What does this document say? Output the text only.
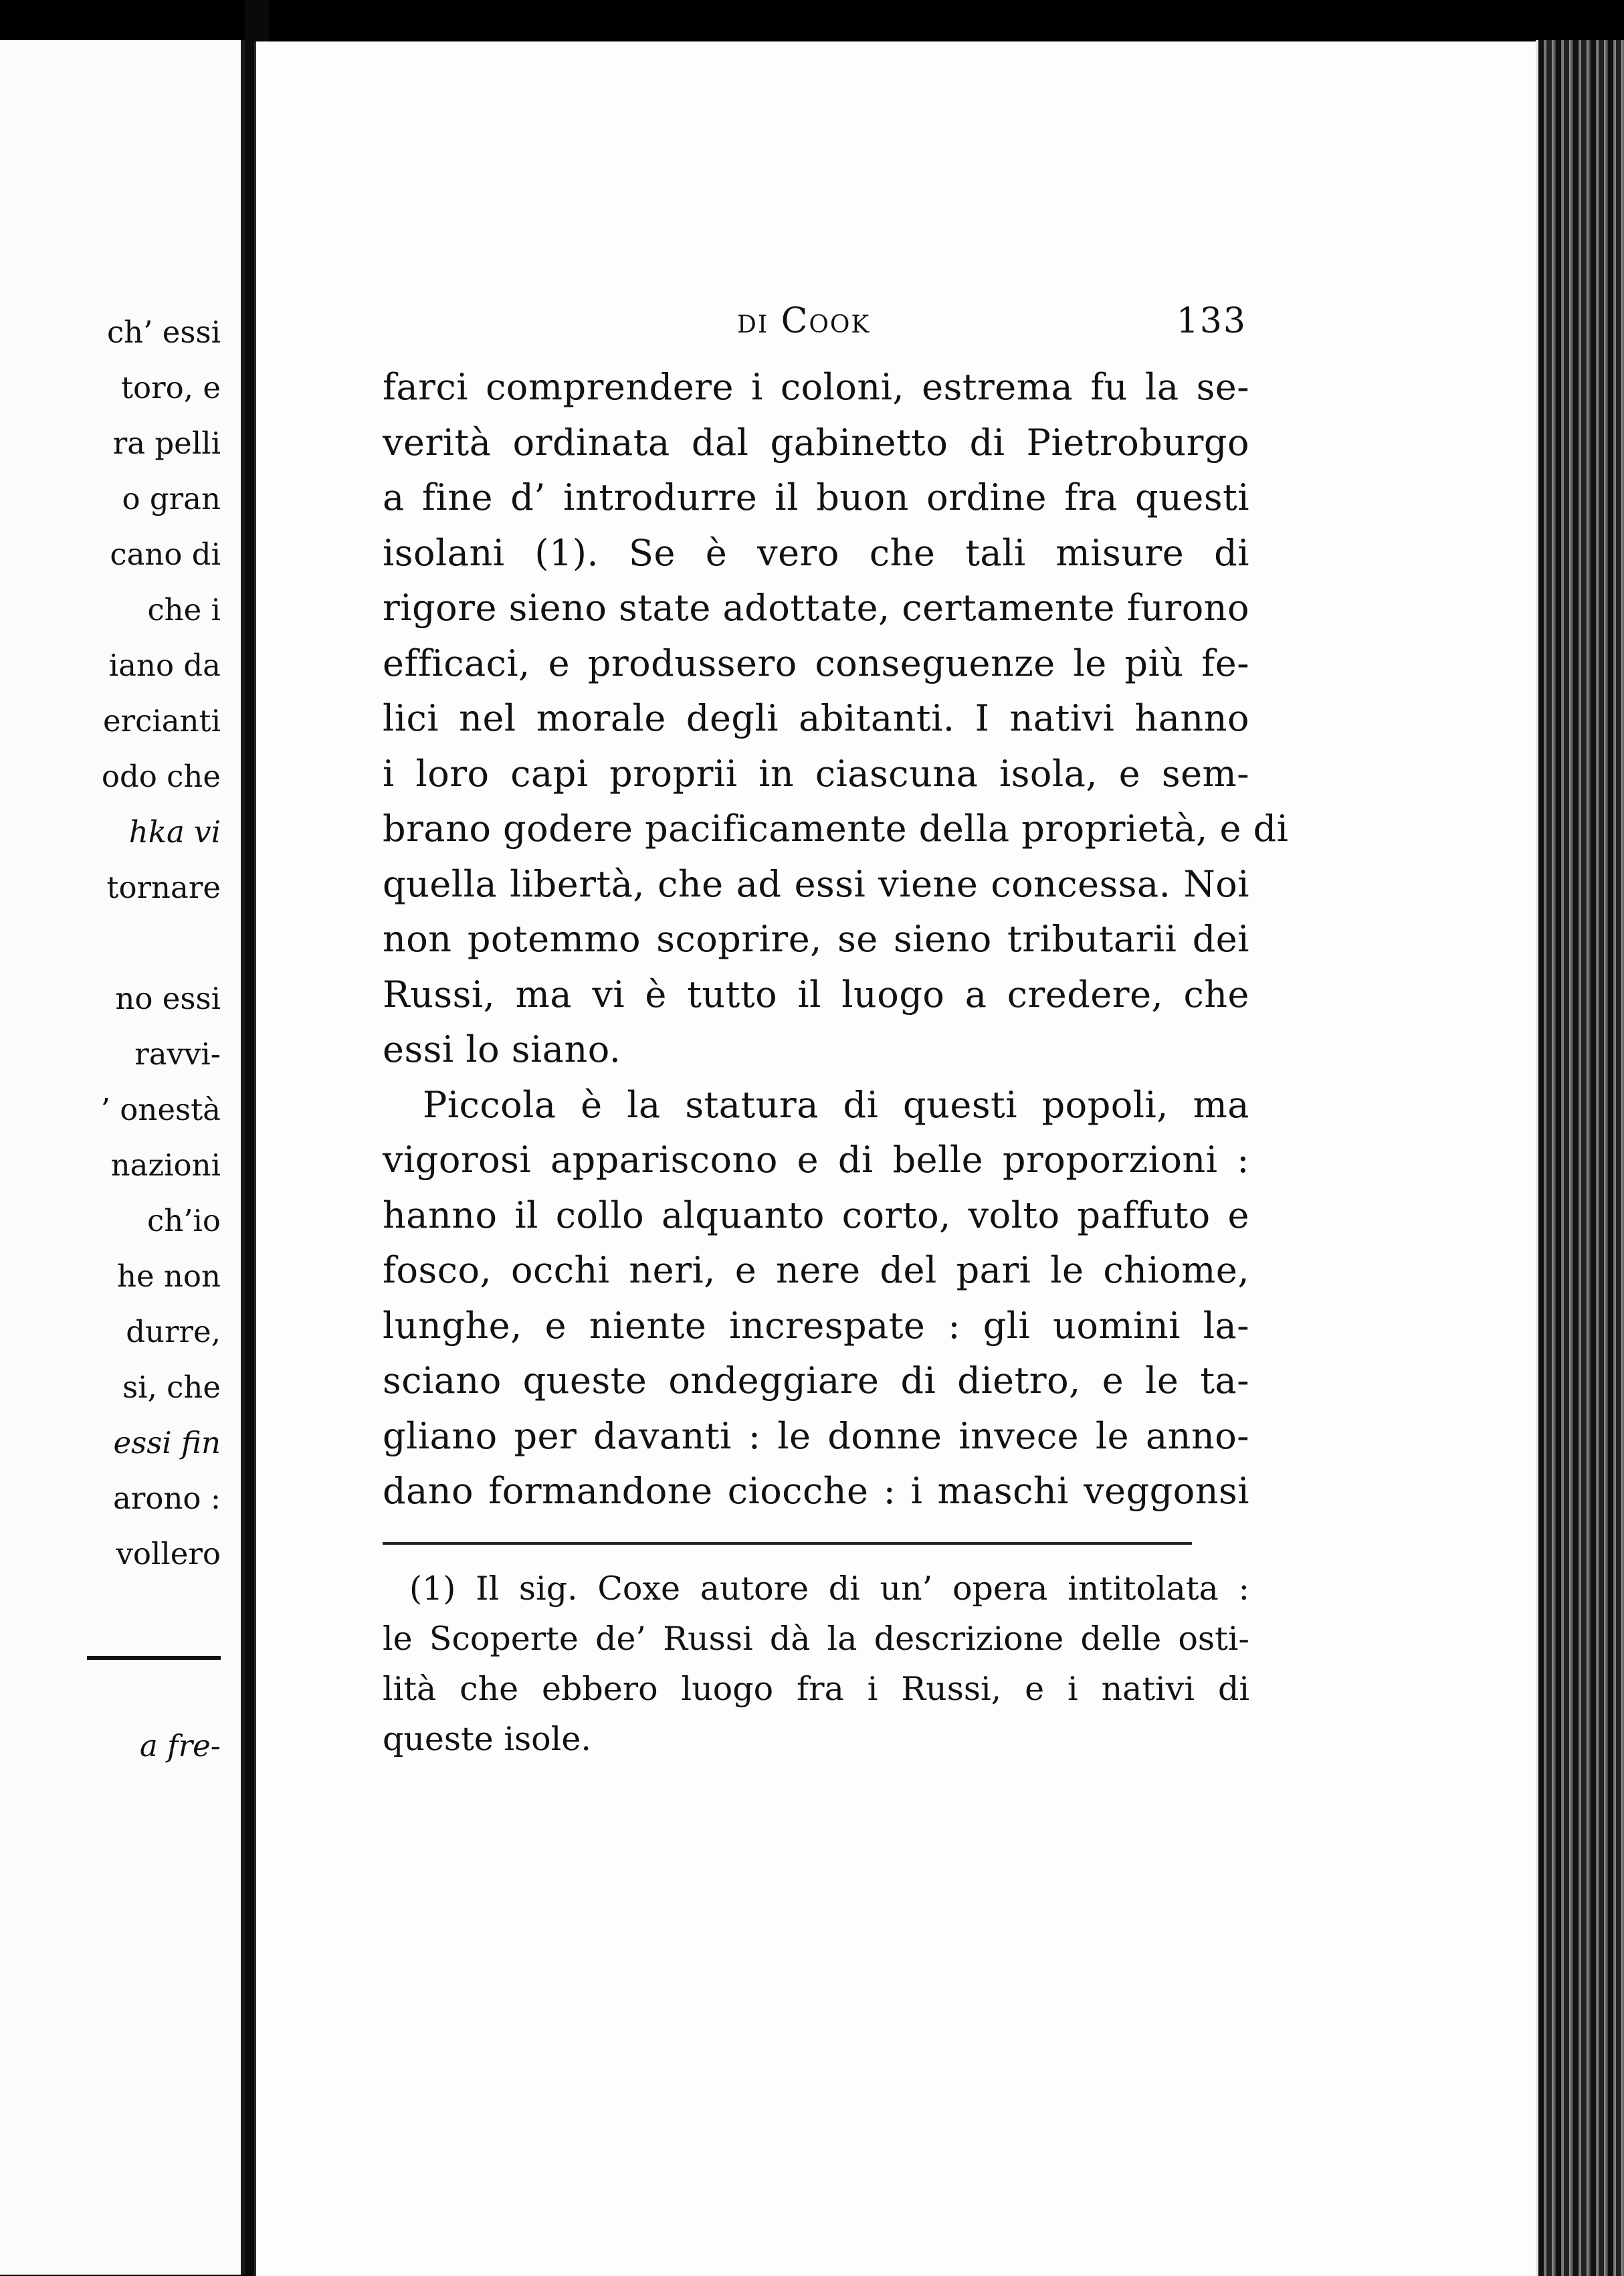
ch’ essi
toro, e
ra pelli
o gran
cano di
che i
iano da
ercianti
odo che
hka vi
tornare
no essi
ravvi-
’ onestà
nazioni
ch’io
he non
durre,
si, che
essi fin
arono :
vollero
a fre-
di Cook	133
farci comprendere i coloni, estrema fu la se-
verità ordinata dal gabinetto di Pietroburgo
a fine d’ introdurre il buon ordine fra questi
isolani (1). Se è vero che tali misure di
rigore sieno state adottate, certamente furono
efficaci, e produssero conseguenze le più fe-
lici nel morale degli abitanti. I nativi hanno
i loro capi proprii in ciascuna isola, e sem-
brano godere pacificamente della proprietà, e di
quella libertà, che ad essi viene concessa. Noi
non potemmo scoprire, se sieno tributarii dei
Russi, ma vi è tutto il luogo a credere, che
essi lo siano.
Piccola è la statura di questi popoli, ma
vigorosi appariscono e di belle proporzioni :
hanno il collo alquanto corto, volto paffuto e
fosco, occhi neri, e nere del pari le chiome,
lunghe, e niente increspate : gli uomini la-
sciano queste ondeggiare di dietro, e le ta-
gliano per davanti : le donne invece le anno-
dano formandone ciocche : i maschi veggonsi
(1) Il sig. Coxe autore di un’ opera intitolata :
le Scoperte de’ Russi dà la descrizione delle osti-
lità che ebbero luogo fra i Russi, e i nativi di
queste isole.
